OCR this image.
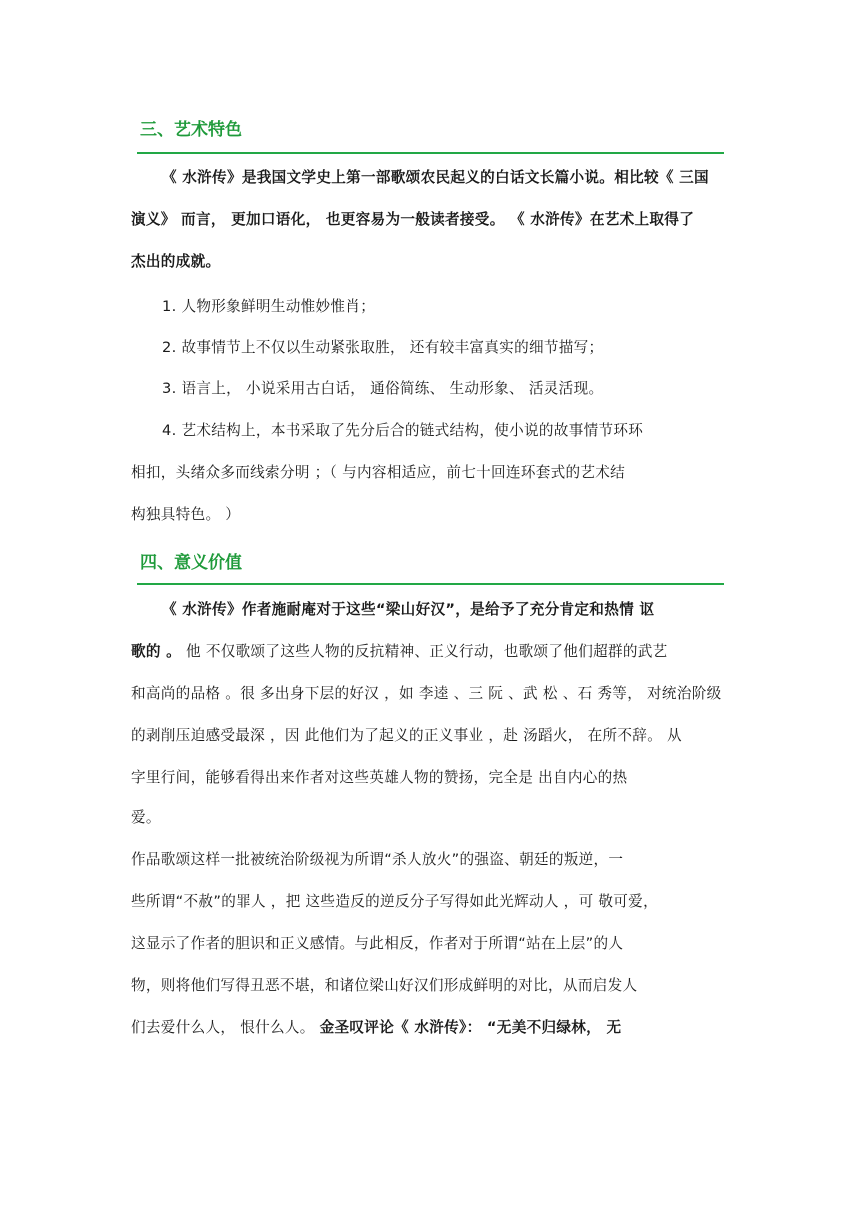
三、艺术特色
《 水浒传》是我国文学史上第一部歌颂农民起义的白话文长篇小说。相比较《 三国
演义》 而言， 更加口语化， 也更容易为一般读者接受。 《 水浒传》在艺术上取得了
杰出的成就。
1. 人物形象鲜明生动惟妙惟肖；
2. 故事情节上不仅以生动紧张取胜， 还有较丰富真实的细节描写；
3. 语言上， 小说采用古白话， 通俗简练、 生动形象、 活灵活现。
4. 艺术结构上，本书采取了先分后合的链式结构，使小说的故事情节环环
相扣，头绪众多而线索分明 ；（ 与内容相适应，前七十回连环套式的艺术结
构独具特色。 ）
四、意义价值
《 水浒传》作者施耐庵对于这些“梁山好汉”，是给予了充分肯定和热情 讴
歌的 。 他 不仅歌颂了这些人物的反抗精神、正义行动，也歌颂了他们超群的武艺
和高尚的品格 。很 多出身下层的好汉 ，如 李逵 、三 阮 、武 松 、石 秀等， 对统治阶级
的剥削压迫感受最深 ，因 此他们为了起义的正义事业 ，赴 汤蹈火， 在所不辞。 从
字里行间，能够看得出来作者对这些英雄人物的赞扬，完全是 出自内心的热
爱。
作品歌颂这样一批被统治阶级视为所谓“杀人放火”的强盗、朝廷的叛逆，一
些所谓“不赦”的罪人 ，把 这些造反的逆反分子写得如此光辉动人 ，可 敬可爱，
这显示了作者的胆识和正义感情。与此相反，作者对于所谓“站在上层”的人
物，则将他们写得丑恶不堪，和诸位梁山好汉们形成鲜明的对比，从而启发人
们去爱什么人， 恨什么人。 金圣叹评论《 水浒传》： “无美不归绿林， 无
